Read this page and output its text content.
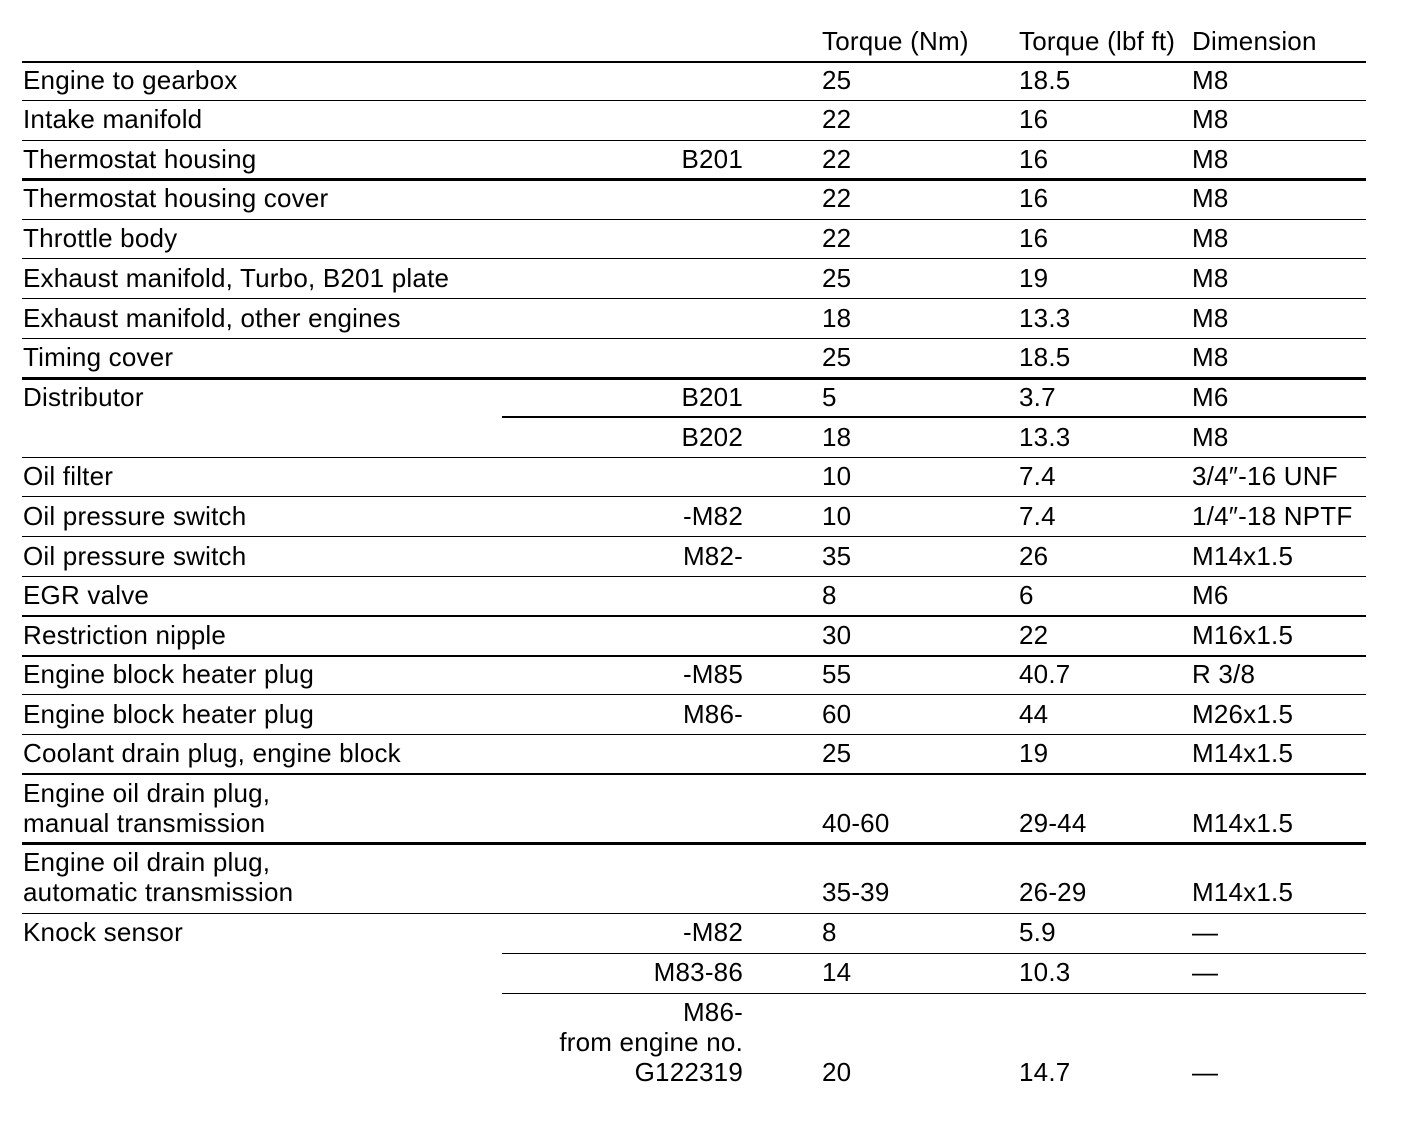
Torque (Nm) Torque (lbf ft) Dimension
Engine to gearbox	25	18.5	M8
Intake manifold	22	16	M8
Thermostat housing	B201	22	16	M8
Thermostat housing cover	22	16	M8
Throttle body	22	16	M8
Exhaust manifold, Turbo, B201 plate	25	19	M8
Exhaust manifold, other engines	18	13.3	M8
Timing cover	25	18.5	M8
Distributor	B201	5	3.7	M6
B202	18	13.3	M8
Oil filter	10	7.4	3/4″-16 UNF
Oil pressure switch	-M82	10	7.4	1/4″-18 NPTF
Oil pressure switch	M82-	35	26	M14x1.5
EGR valve	8	6	M6
Restriction nipple	30	22	M16x1.5
Engine block heater plug	-M85	55	40.7	R 3/8
Engine block heater plug	M86-	60	44	M26x1.5
Coolant drain plug, engine block	25	19	M14x1.5
Engine oil drain plug,
manual transmission	40-60	29-44	M14x1.5
Engine oil drain plug,
automatic transmission	35-39	26-29	M14x1.5
Knock sensor	-M82	8	5.9	—
M83-86	14	10.3	—
M86-
from engine no.
G122319	20	14.7	—
